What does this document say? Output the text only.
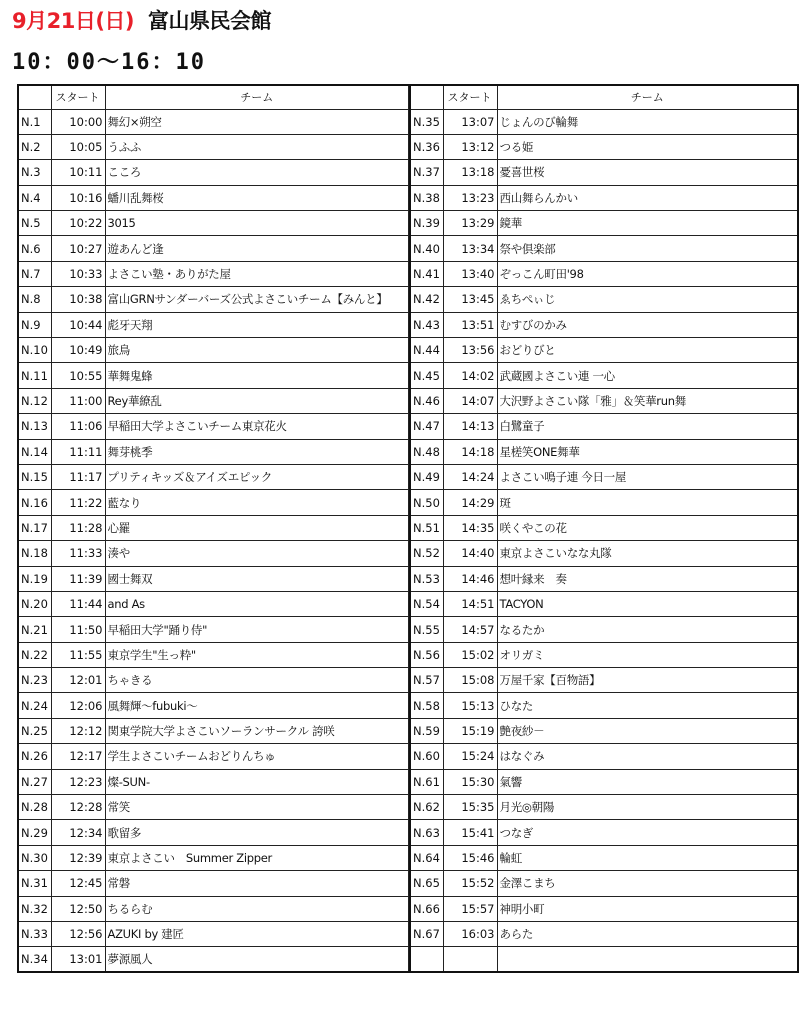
9月21日(日) 富山県民会館
10：00～16：10
	スタート	チーム
N.1	10:00	舞幻×朔空
N.2	10:05	うふふ
N.3	10:11	こころ
N.4	10:16	蟠川乱舞桜
N.5	10:22	3015
N.6	10:27	遊あんど逢
N.7	10:33	よさこい塾・ありがた屋
N.8	10:38	富山GRNサンダーバーズ公式よさこいチーム【みんと】
N.9	10:44	彪牙天翔
N.10	10:49	旅鳥
N.11	10:55	華舞鬼蜂
N.12	11:00	Rey華繚乱
N.13	11:06	早稲田大学よさこいチーム東京花火
N.14	11:11	舞芽桃季
N.15	11:17	プリティキッズ＆アイズエピック
N.16	11:22	藍なり
N.17	11:28	心羅
N.18	11:33	湊や
N.19	11:39	國士舞双
N.20	11:44	and As
N.21	11:50	早稲田大学"踊り侍"
N.22	11:55	東京学生"生っ粋"
N.23	12:01	ちゃきる
N.24	12:06	風舞輝～fubuki～
N.25	12:12	関東学院大学よさこいソーランサークル 誇咲
N.26	12:17	学生よさこいチームおどりんちゅ
N.27	12:23	燦-SUN-
N.28	12:28	常笑
N.29	12:34	歌留多
N.30	12:39	東京よさこい　Summer Zipper
N.31	12:45	常磐
N.32	12:50	ちるらむ
N.33	12:56	AZUKI by 建匠
N.34	13:01	夢源風人
	スタート	チーム
N.35	13:07	じょんのび輪舞
N.36	13:12	つる姫
N.37	13:18	憂喜世桜
N.38	13:23	西山舞らんかい
N.39	13:29	鏡華
N.40	13:34	祭や倶楽部
N.41	13:40	ぞっこん町田'98
N.42	13:45	ゑちぺぃじ
N.43	13:51	むすびのかみ
N.44	13:56	おどりびと
N.45	14:02	武蔵國よさこい連 一心
N.46	14:07	大沢野よさこい隊「雅」＆笑華run舞
N.47	14:13	白鷺童子
N.48	14:18	星槎笑ONE舞華
N.49	14:24	よさこい鳴子連 今日一屋
N.50	14:29	斑
N.51	14:35	咲くやこの花
N.52	14:40	東京よさこいなな丸隊
N.53	14:46	想叶縁来　奏
N.54	14:51	TACYON
N.55	14:57	なるたか
N.56	15:02	オリガミ
N.57	15:08	万屋千家【百物語】
N.58	15:13	ひなた
N.59	15:19	艶夜紗－
N.60	15:24	はなぐみ
N.61	15:30	氣響
N.62	15:35	月光◎朝陽
N.63	15:41	つなぎ
N.64	15:46	輪虹
N.65	15:52	金澤こまち
N.66	15:57	神明小町
N.67	16:03	あらた
